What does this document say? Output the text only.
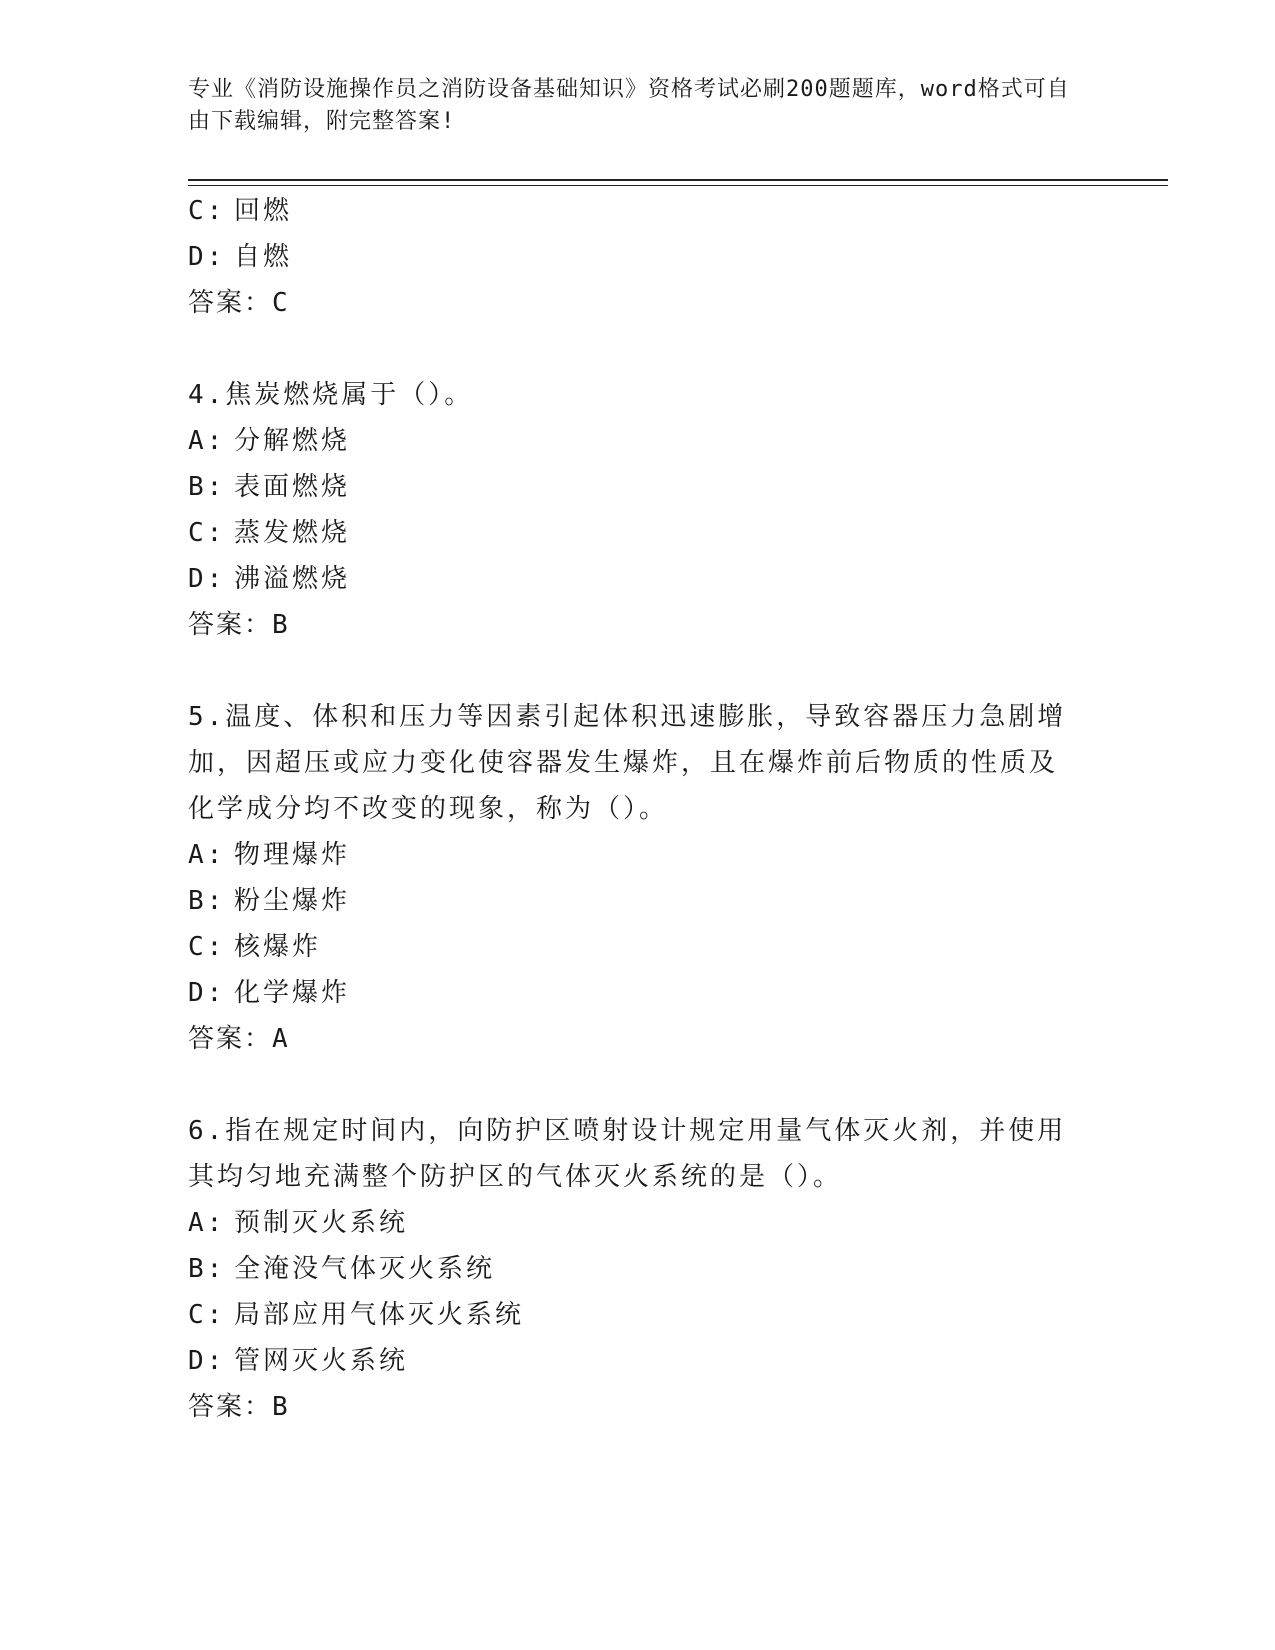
专业《消防设施操作员之消防设备基础知识》资格考试必刷200题题库，word格式可自由下载编辑，附完整答案!
C: 回燃
D: 自燃
答案：C
4.焦炭燃烧属于（）。
A: 分解燃烧
B: 表面燃烧
C: 蒸发燃烧
D: 沸溢燃烧
答案：B
5.温度、体积和压力等因素引起体积迅速膨胀，导致容器压力急剧增加，因超压或应力变化使容器发生爆炸，且在爆炸前后物质的性质及化学成分均不改变的现象，称为（）。
A: 物理爆炸
B: 粉尘爆炸
C: 核爆炸
D: 化学爆炸
答案：A
6.指在规定时间内，向防护区喷射设计规定用量气体灭火剂，并使用其均匀地充满整个防护区的气体灭火系统的是（）。
A: 预制灭火系统
B: 全淹没气体灭火系统
C: 局部应用气体灭火系统
D: 管网灭火系统
答案：B
